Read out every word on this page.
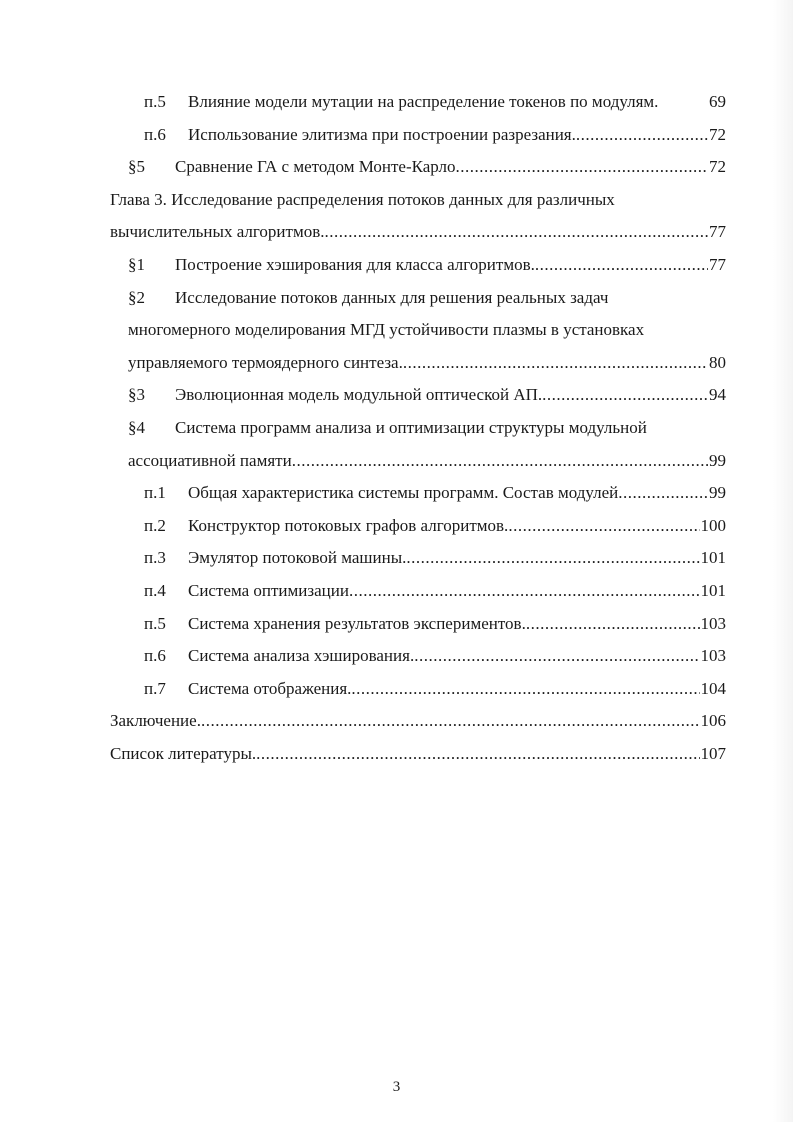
п.5	Влияние модели мутации на распределение токенов по модулям.	69
п.6	Использование элитизма при построении разрезания. .....	72
§5	Сравнение ГА с методом Монте-Карло .....	72
Глава 3. Исследование распределения потоков данных для различных
вычислительных алгоритмов. .....	77
§1	Построение хэширования для класса алгоритмов. .....	77
§2	Исследование потоков данных для решения реальных задач
многомерного моделирования МГД устойчивости плазмы в установках
управляемого термоядерного синтеза. .....	80
§3	Эволюционная модель модульной оптической АП. .....	94
§4	Система программ анализа и оптимизации структуры модульной
ассоциативной памяти .....	99
п.1	Общая характеристика системы программ. Состав модулей .....	99
п.2	Конструктор потоковых графов алгоритмов. .....	100
п.3	Эмулятор потоковой машины. .....	101
п.4	Система оптимизации .....	101
п.5	Система хранения результатов экспериментов. .....	103
п.6	Система анализа хэширования. .....	103
п.7	Система отображения. .....	104
Заключение. .....	106
Список литературы. .....	107
3
